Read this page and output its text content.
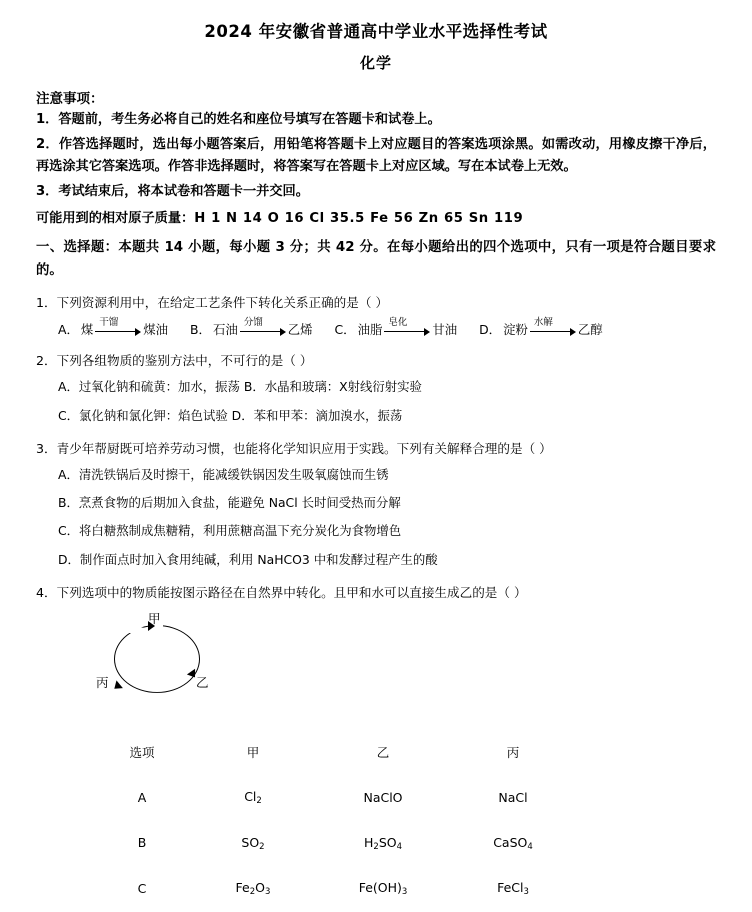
2024 年安徽省普通高中学业水平选择性考试
化学
注意事项：
1．答题前，考生务必将自己的姓名和座位号填写在答题卡和试卷上。
2．作答选择题时，选出每小题答案后，用铅笔将答题卡上对应题目的答案选项涂黑。如需改动，用橡皮擦干净后，再选涂其它答案选项。作答非选择题时，将答案写在答题卡上对应区域。写在本试卷上无效。
3．考试结束后，将本试卷和答题卡一并交回。
可能用到的相对原子质量：H 1 N 14 O 16 Cl 35.5 Fe 56 Zn 65 Sn 119
一、选择题：本题共 14 小题，每小题 3 分；共 42 分。在每小题给出的四个选项中，只有一项是符合题目要求的。
1．下列资源利用中，在给定工艺条件下转化关系正确的是（ ）
A． 煤 干馏 煤油 B． 石油 分馏 乙烯 C． 油脂 皂化 甘油 D． 淀粉 水解 乙醇
2．下列各组物质的鉴别方法中，不可行的是（ ）
A．过氧化钠和硫黄：加水，振荡 B．水晶和玻璃：X射线衍射实验
C．氯化钠和氯化钾：焰色试验 D．苯和甲苯：滴加溴水，振荡
3．青少年帮厨既可培养劳动习惯，也能将化学知识应用于实践。下列有关解释合理的是（ ）
A．清洗铁锅后及时擦干，能减缓铁锅因发生吸氧腐蚀而生锈
B．烹煮食物的后期加入食盐，能避免 NaCl 长时间受热而分解
C．将白糖熬制成焦糖精，利用蔗糖高温下充分炭化为食物增色
D．制作面点时加入食用纯碱，利用 NaHCO3 中和发酵过程产生的酸
4．下列选项中的物质能按图示路径在自然界中转化。且甲和水可以直接生成乙的是（ ）
甲
丙	乙
选项	甲	乙	丙
A	$Cl_2$	NaClO	NaCl
B	$SO_2$	$H_2SO_4$	CaSO$_4$
C	$Fe_2O_3$	$Fe(OH)_3$	FeCl$_3$
